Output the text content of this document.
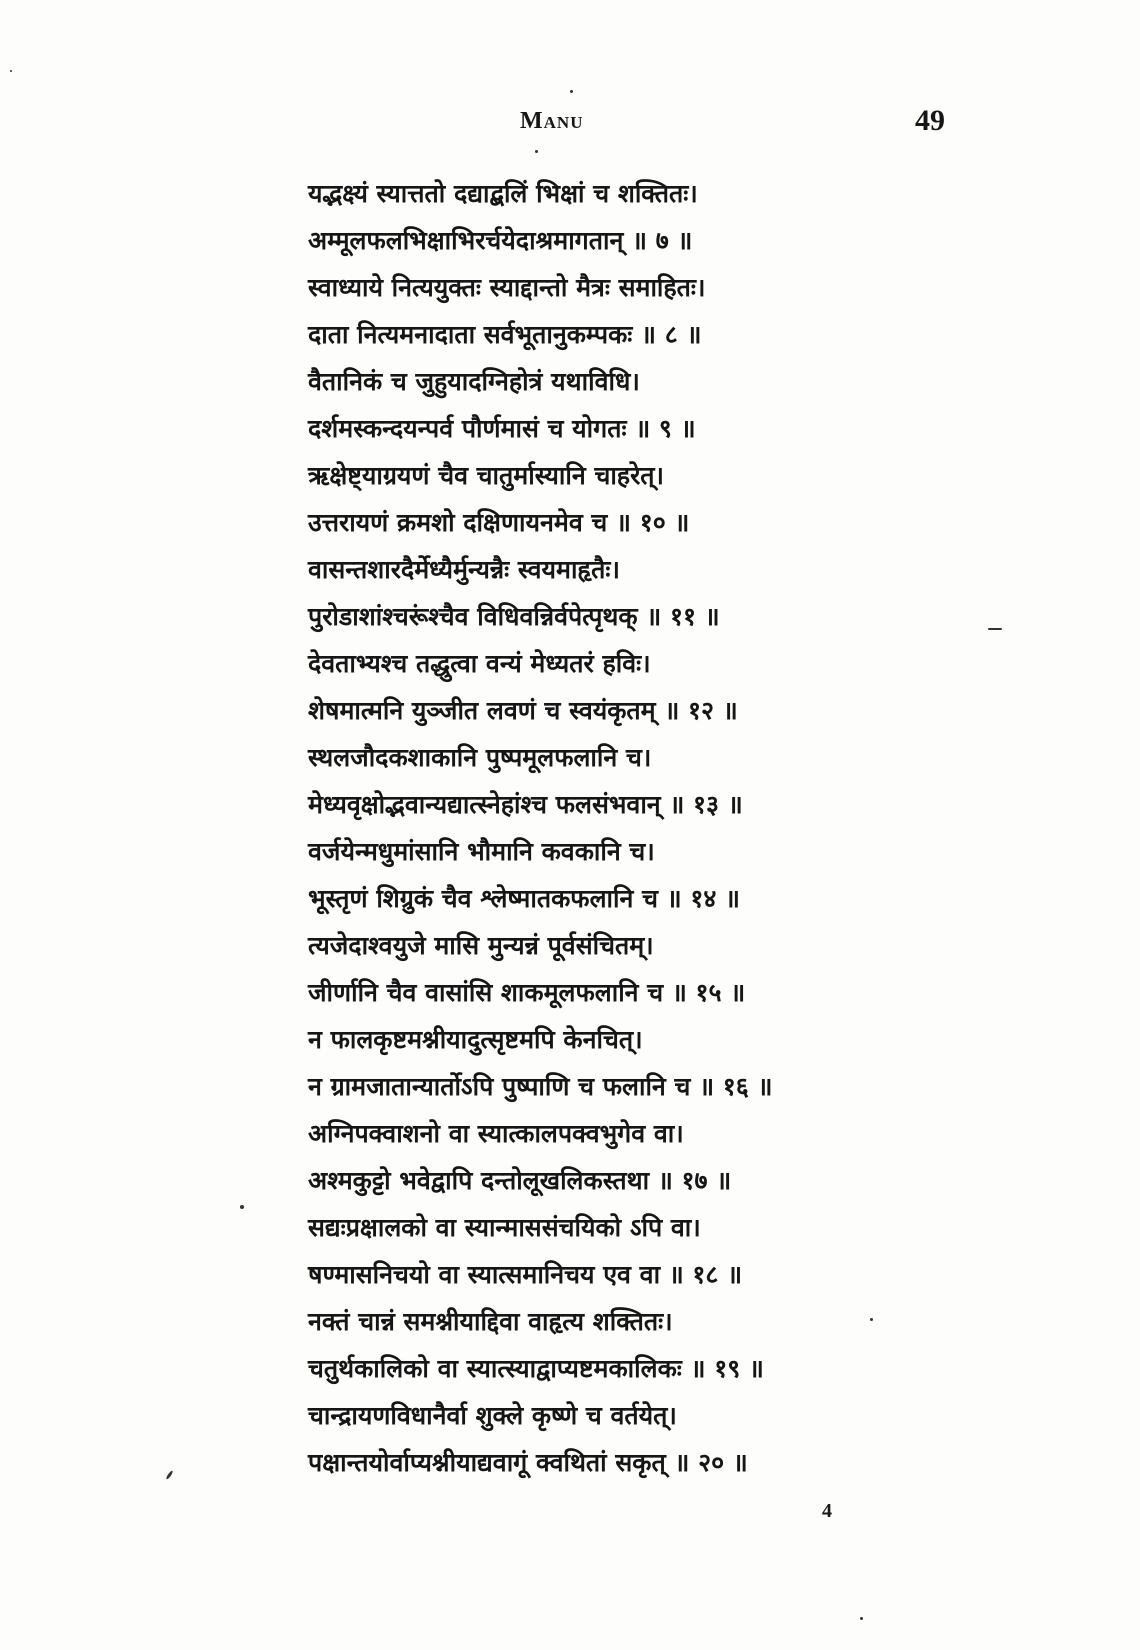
Manu	49
यद्भक्ष्यं स्यात्ततो दद्याद्बलिं भिक्षां च शक्तितः।
अम्मूलफलभिक्षाभिरर्चयेदाश्रमागतान् ॥ ७ ॥
स्वाध्याये नित्ययुक्तः स्याद्दान्तो मैत्रः समाहितः।
दाता नित्यमनादाता सर्वभूतानुकम्पकः ॥ ८ ॥
वैतानिकं च जुहुयादग्निहोत्रं यथाविधि।
दर्शमस्कन्दयन्पर्व पौर्णमासं च योगतः ॥ ९ ॥
ऋक्षेष्ट्याग्रयणं चैव चातुर्मास्यानि चाहरेत्।
उत्तरायणं क्रमशो दक्षिणायनमेव च ॥ १० ॥
वासन्तशारदैर्मेध्यैर्मुन्यन्नैः स्वयमाहृतैः।
पुरोडाशांश्चरूंश्चैव विधिवन्निर्वपेत्पृथक् ॥ ११ ॥
देवताभ्यश्च तद्धुत्वा वन्यं मेध्यतरं हविः।
शेषमात्मनि युञ्जीत लवणं च स्वयंकृतम् ॥ १२ ॥
स्थलजौदकशाकानि पुष्पमूलफलानि च।
मेध्यवृक्षोद्भवान्यद्यात्स्नेहांश्च फलसंभवान् ॥ १३ ॥
वर्जयेन्मधुमांसानि भौमानि कवकानि च।
भूस्तृणं शिग्रुकं चैव श्लेष्मातकफलानि च ॥ १४ ॥
त्यजेदाश्वयुजे मासि मुन्यन्नं पूर्वसंचितम्।
जीर्णानि चैव वासांसि शाकमूलफलानि च ॥ १५ ॥
न फालकृष्टमश्नीयादुत्सृष्टमपि केनचित्।
न ग्रामजातान्यार्तोऽपि पुष्पाणि च फलानि च ॥ १६ ॥
अग्निपक्वाशनो वा स्यात्कालपक्वभुगेव वा।
अश्मकुट्टो भवेद्वापि दन्तोलूखलिकस्तथा ॥ १७ ॥
सद्यःप्रक्षालको वा स्यान्माससंचयिको ऽपि वा।
षण्मासनिचयो वा स्यात्समानिचय एव वा ॥ १८ ॥
नक्तं चान्नं समश्नीयाद्दिवा वाहृत्य शक्तितः।
चतुर्थकालिको वा स्यात्स्याद्वाप्यष्टमकालिकः ॥ १९ ॥
चान्द्रायणविधानैर्वा शुक्ले कृष्णे च वर्तयेत्।
पक्षान्तयोर्वाप्यश्नीयाद्यवागूं क्वथितां सकृत् ॥ २० ॥
4
